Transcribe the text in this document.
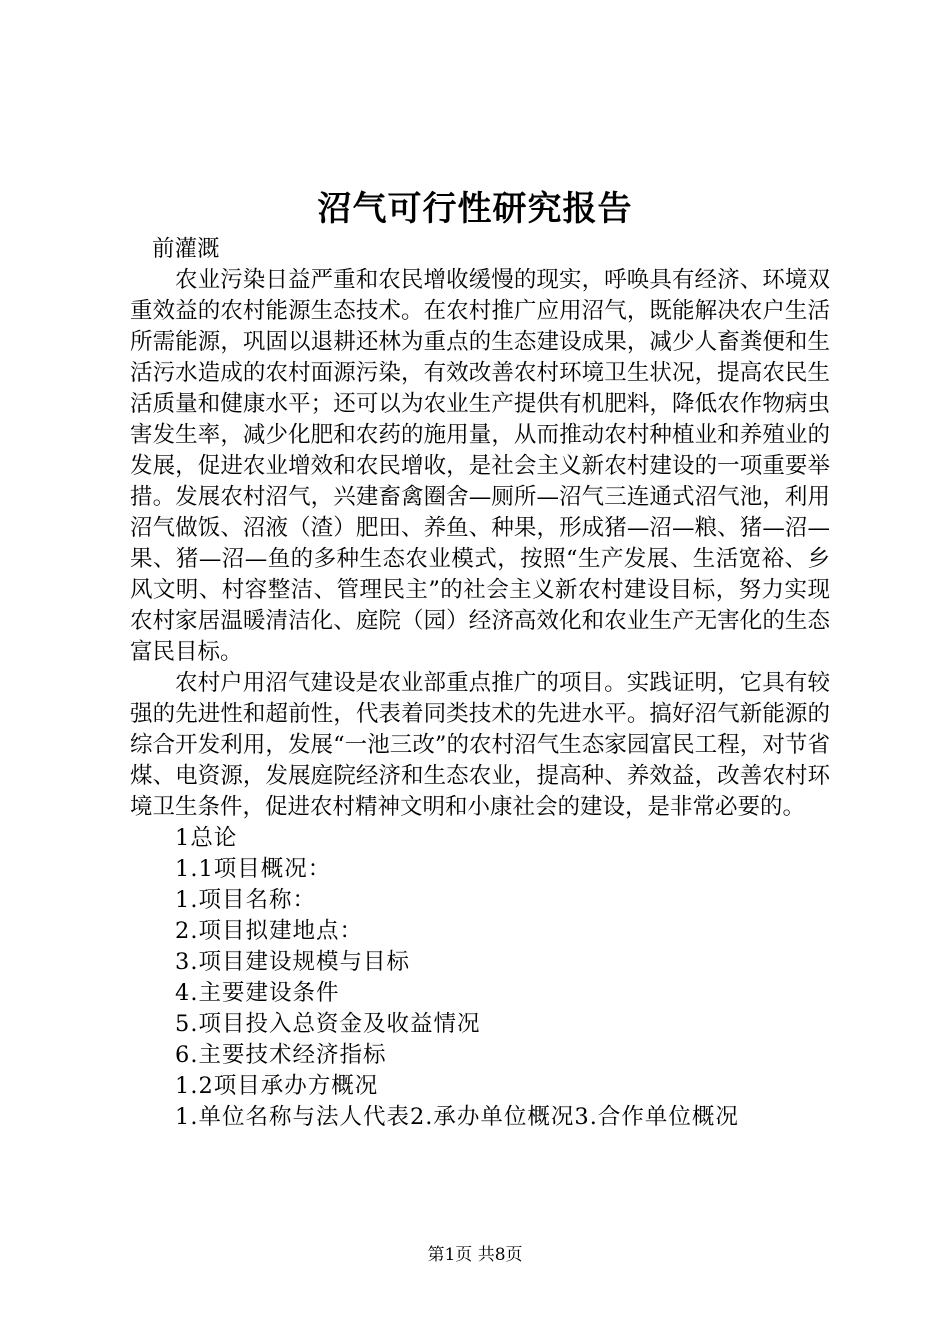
沼气可行性研究报告

前灌溉

农业污染日益严重和农民增收缓慢的现实，呼唤具有经济、环境双重效益的农村能源生态技术。在农村推广应用沼气，既能解决农户生活所需能源，巩固以退耕还林为重点的生态建设成果，减少人畜粪便和生活污水造成的农村面源污染，有效改善农村环境卫生状况，提高农民生活质量和健康水平；还可以为农业生产提供有机肥料，降低农作物病虫害发生率，减少化肥和农药的施用量，从而推动农村种植业和养殖业的发展，促进农业增效和农民增收，是社会主义新农村建设的一项重要举措。发展农村沼气，兴建畜禽圈舍—厕所—沼气三连通式沼气池，利用沼气做饭、沼液（渣）肥田、养鱼、种果，形成猪—沼—粮、猪—沼—果、猪—沼—鱼的多种生态农业模式，按照“生产发展、生活宽裕、乡风文明、村容整洁、管理民主”的社会主义新农村建设目标，努力实现农村家居温暖清洁化、庭院（园）经济高效化和农业生产无害化的生态富民目标。

农村户用沼气建设是农业部重点推广的项目。实践证明，它具有较强的先进性和超前性，代表着同类技术的先进水平。搞好沼气新能源的综合开发利用，发展“一池三改”的农村沼气生态家园富民工程，对节省煤、电资源，发展庭院经济和生态农业，提高种、养效益，改善农村环境卫生条件，促进农村精神文明和小康社会的建设，是非常必要的。

1总论

1.1项目概况：

1.项目名称：

2.项目拟建地点：

3.项目建设规模与目标

4.主要建设条件

5.项目投入总资金及收益情况

6.主要技术经济指标

1.2项目承办方概况

1.单位名称与法人代表2.承办单位概况3.合作单位概况

第1页 共8页
